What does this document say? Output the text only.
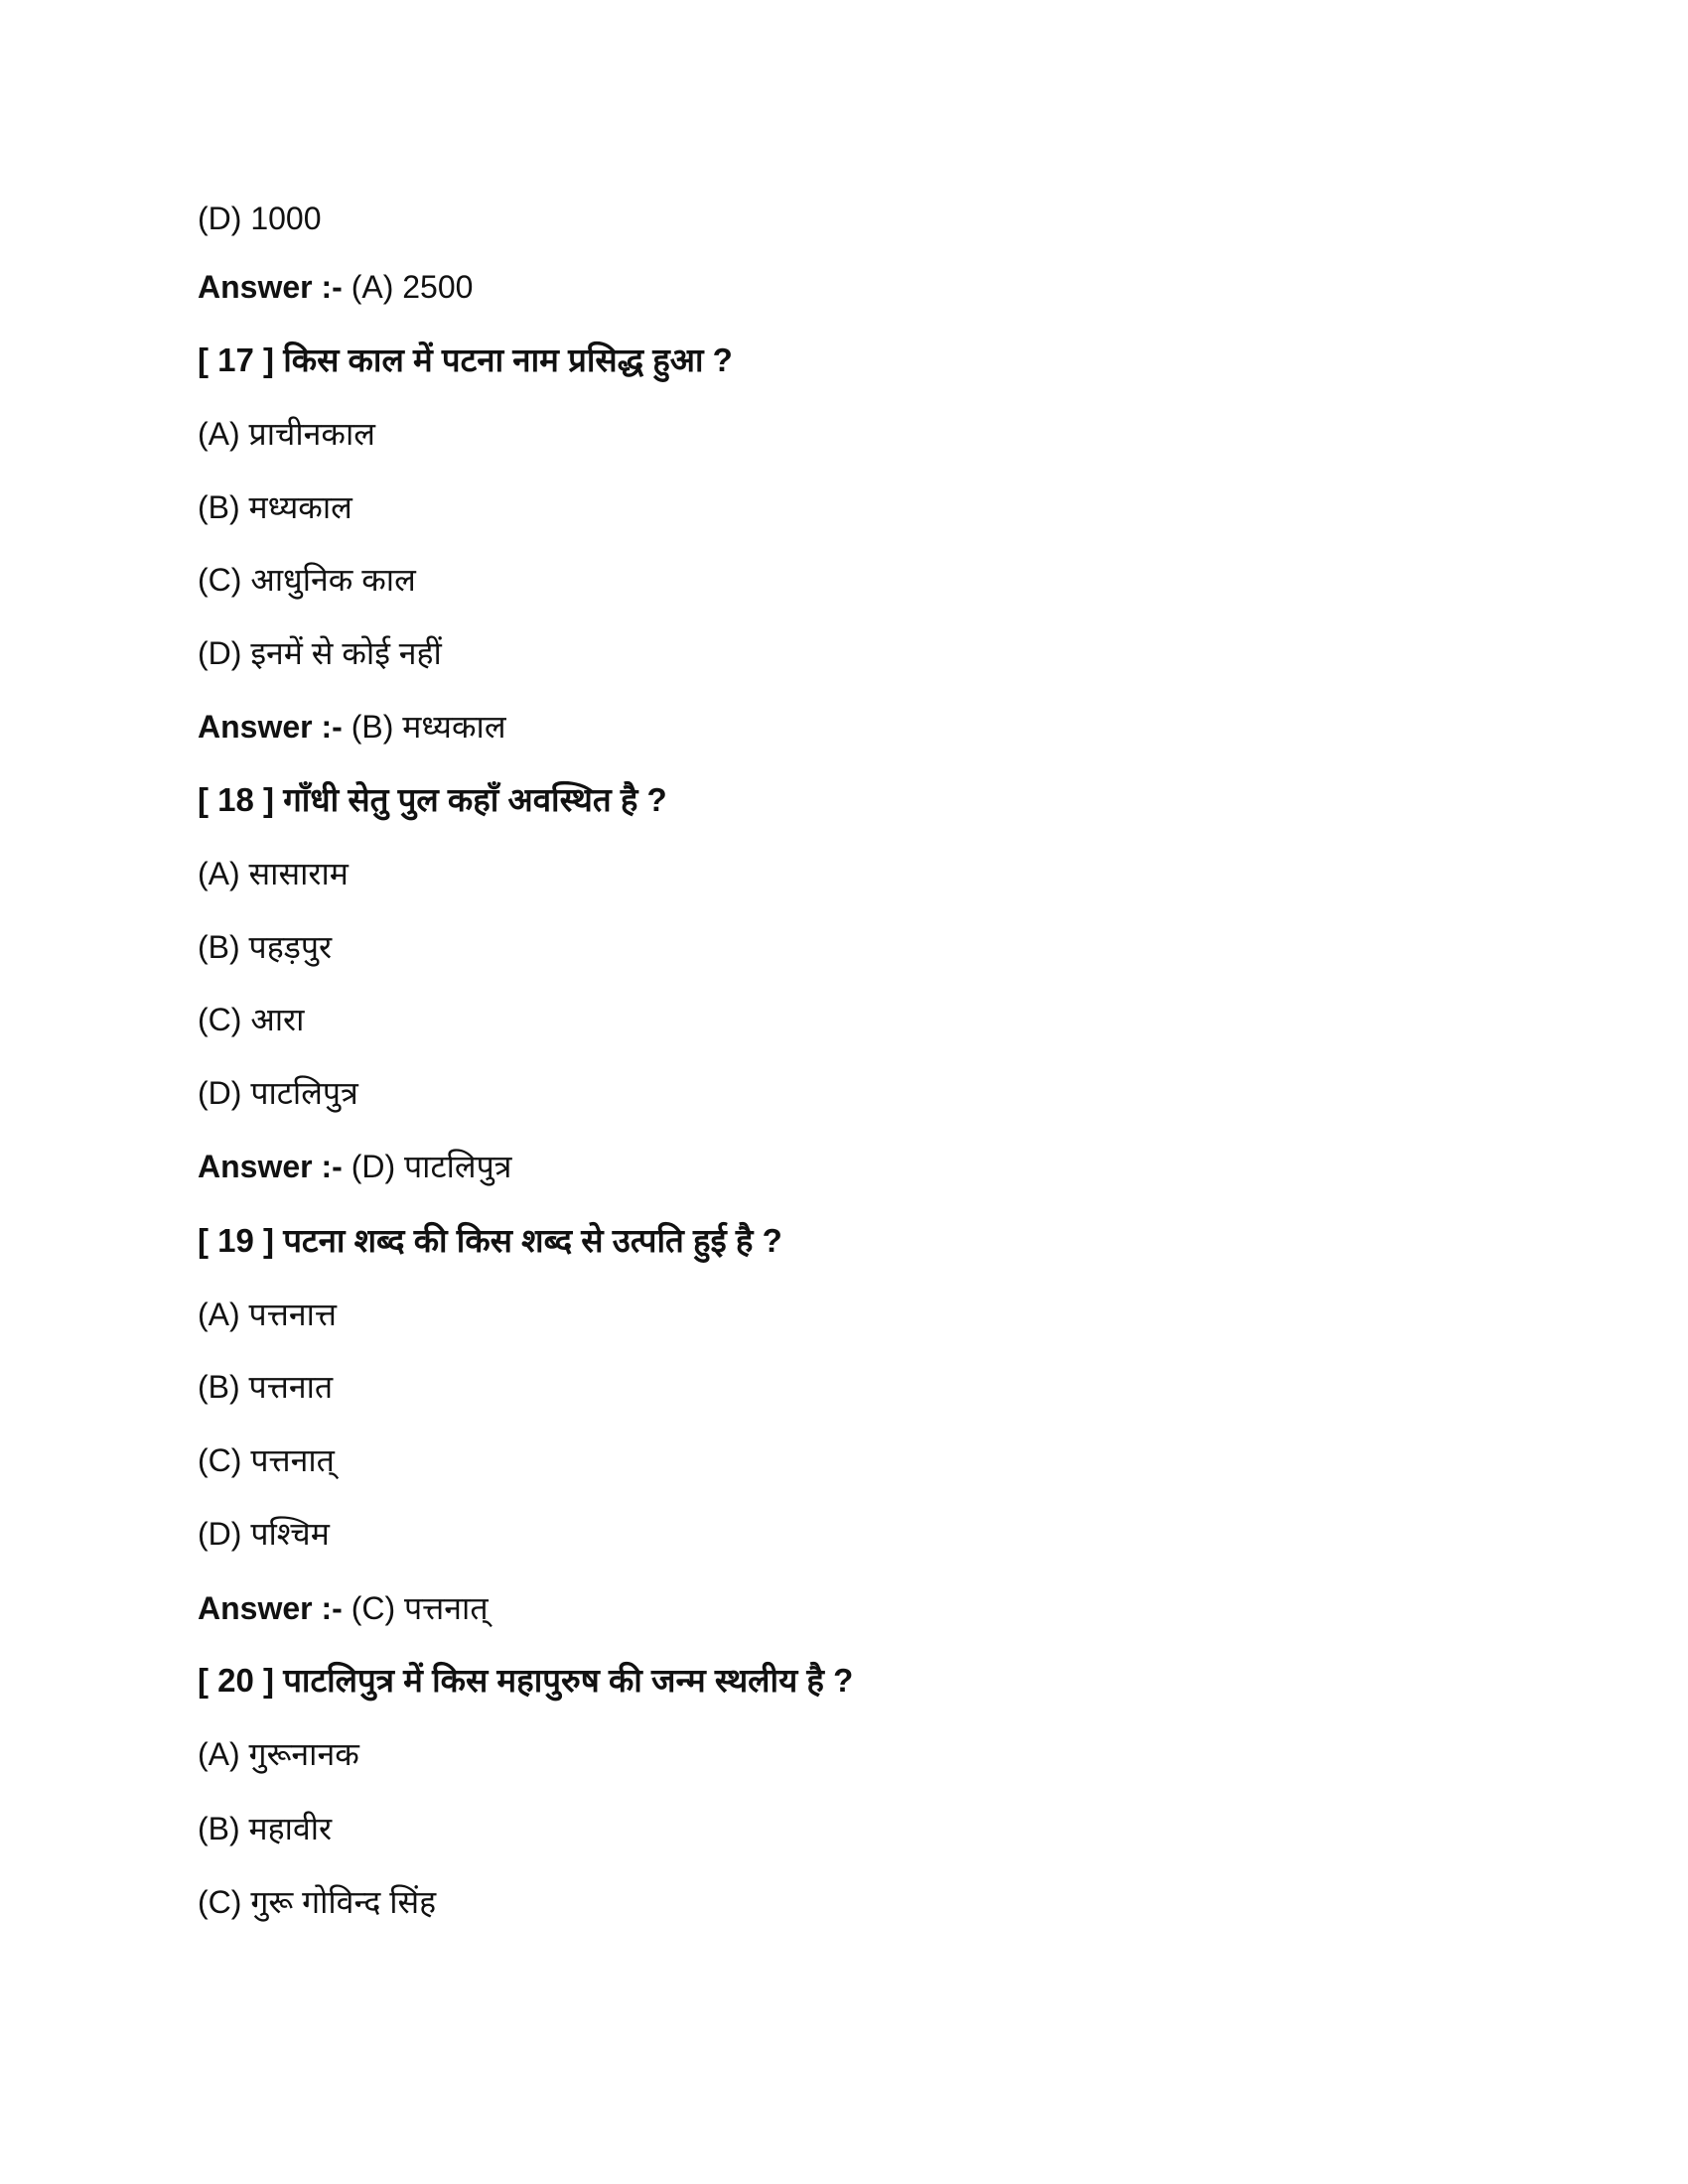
(D) 1000
Answer :- (A) 2500
[ 17 ] किस काल में पटना नाम प्रसिद्ध हुआ ?
(A) प्राचीनकाल
(B) मध्यकाल
(C) आधुनिक काल
(D) इनमें से कोई नहीं
Answer :- (B) मध्यकाल
[ 18 ] गाँधी सेतु पुल कहाँ अवस्थित है ?
(A) सासाराम
(B) पहड़पुर
(C) आरा
(D) पाटलिपुत्र
Answer :- (D) पाटलिपुत्र
[ 19 ] पटना शब्द की किस शब्द से उत्पति हुई है ?
(A) पत्तनात्त
(B) पत्तनात
(C) पत्तनात्
(D) पश्चिम
Answer :- (C) पत्तनात्
[ 20 ] पाटलिपुत्र में किस महापुरुष की जन्म स्थलीय है ?
(A) गुरूनानक
(B) महावीर
(C) गुरू गोविन्द सिंह
